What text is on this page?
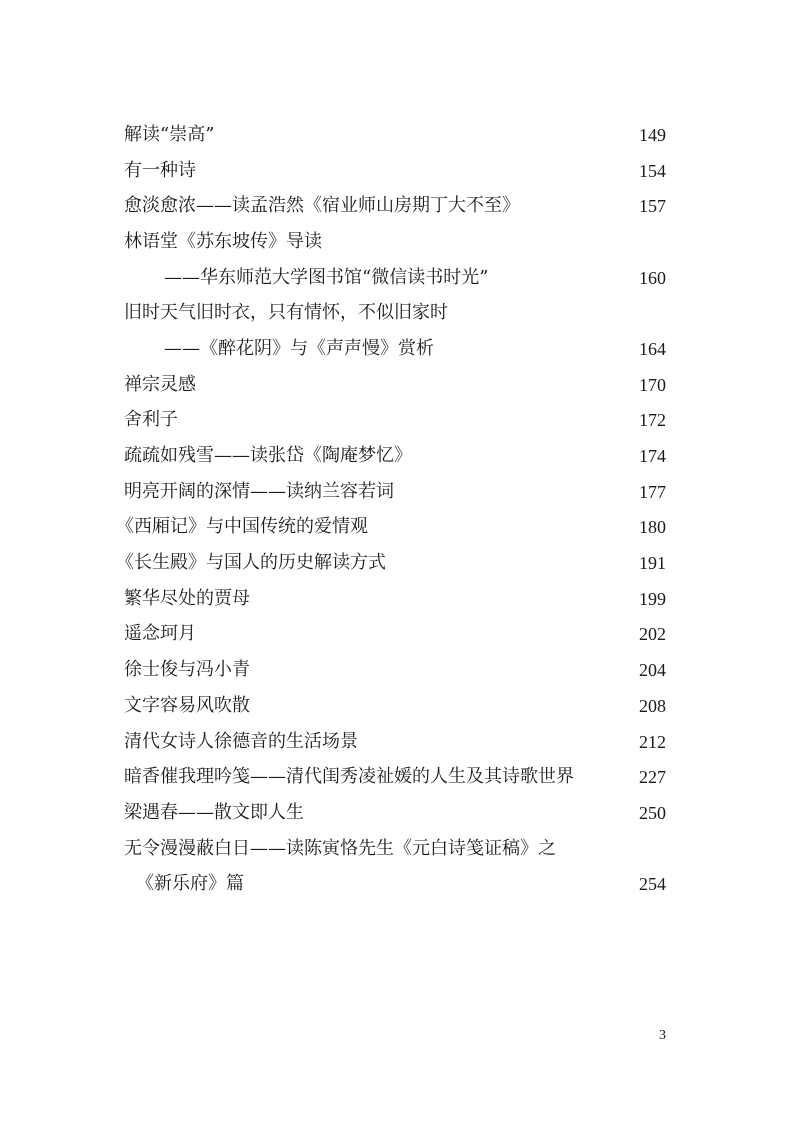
解读“崇高”	149
有一种诗	154
愈淡愈浓——读孟浩然《宿业师山房期丁大不至》	157
林语堂《苏东坡传》导读
——华东师范大学图书馆“微信读书时光”	160
旧时天气旧时衣，只有情怀，不似旧家时
——《醉花阴》与《声声慢》赏析	164
禅宗灵感	170
舍利子	172
疏疏如残雪——读张岱《陶庵梦忆》	174
明亮开阔的深情——读纳兰容若词	177
《西厢记》与中国传统的爱情观	180
《长生殿》与国人的历史解读方式	191
繁华尽处的贾母	199
遥念珂月	202
徐士俊与冯小青	204
文字容易风吹散	208
清代女诗人徐德音的生活场景	212
暗香催我理吟笺——清代闺秀凌祉媛的人生及其诗歌世界	227
梁遇春——散文即人生	250
无令漫漫蔽白日——读陈寅恪先生《元白诗笺证稿》之
《新乐府》篇	254
3
